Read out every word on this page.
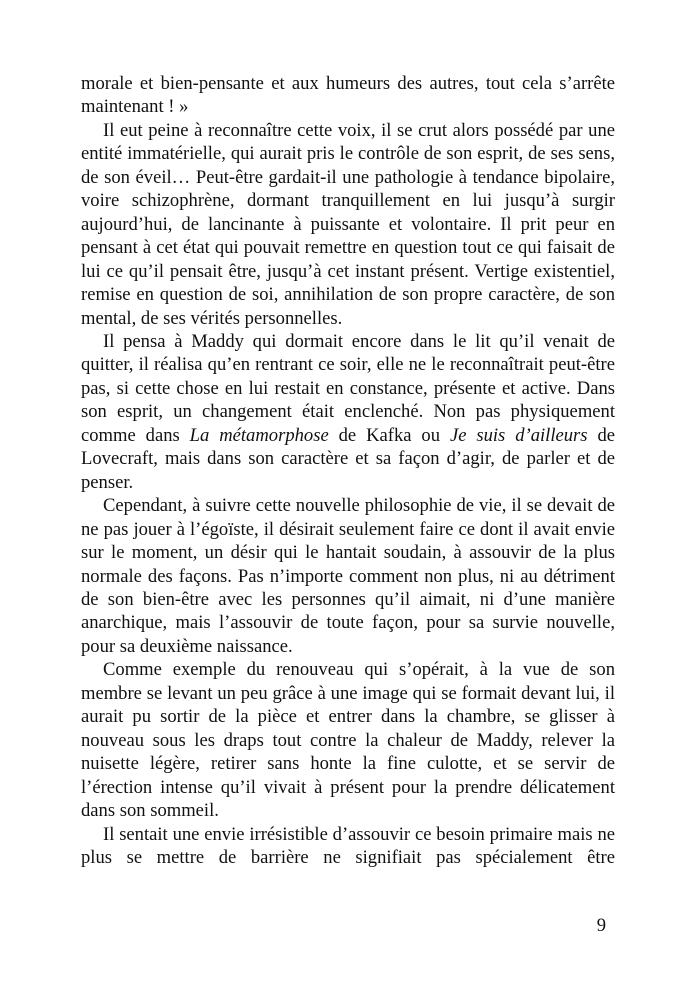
morale et bien-pensante et aux humeurs des autres, tout cela s’arrête maintenant ! »

Il eut peine à reconnaître cette voix, il se crut alors possédé par une entité immatérielle, qui aurait pris le contrôle de son esprit, de ses sens, de son éveil… Peut-être gardait-il une pathologie à tendance bipolaire, voire schizophrène, dormant tranquillement en lui jusqu’à surgir aujourd’hui, de lancinante à puissante et volontaire. Il prit peur en pensant à cet état qui pouvait remettre en question tout ce qui faisait de lui ce qu’il pensait être, jusqu’à cet instant présent. Vertige existentiel, remise en question de soi, annihilation de son propre caractère, de son mental, de ses vérités personnelles.

Il pensa à Maddy qui dormait encore dans le lit qu’il venait de quitter, il réalisa qu’en rentrant ce soir, elle ne le reconnaîtrait peut-être pas, si cette chose en lui restait en constance, présente et active. Dans son esprit, un changement était enclenché. Non pas physiquement comme dans La métamorphose de Kafka ou Je suis d’ailleurs de Lovecraft, mais dans son caractère et sa façon d’agir, de parler et de penser.

Cependant, à suivre cette nouvelle philosophie de vie, il se devait de ne pas jouer à l’égoïste, il désirait seulement faire ce dont il avait envie sur le moment, un désir qui le hantait soudain, à assouvir de la plus normale des façons. Pas n’importe comment non plus, ni au détriment de son bien-être avec les personnes qu’il aimait, ni d’une manière anarchique, mais l’assouvir de toute façon, pour sa survie nouvelle, pour sa deuxième naissance.

Comme exemple du renouveau qui s’opérait, à la vue de son membre se levant un peu grâce à une image qui se formait devant lui, il aurait pu sortir de la pièce et entrer dans la chambre, se glisser à nouveau sous les draps tout contre la chaleur de Maddy, relever la nuisette légère, retirer sans honte la fine culotte, et se servir de l’érection intense qu’il vivait à présent pour la prendre délicatement dans son sommeil.

Il sentait une envie irrésistible d’assouvir ce besoin primaire mais ne plus se mettre de barrière ne signifiait pas spécialement être

9
